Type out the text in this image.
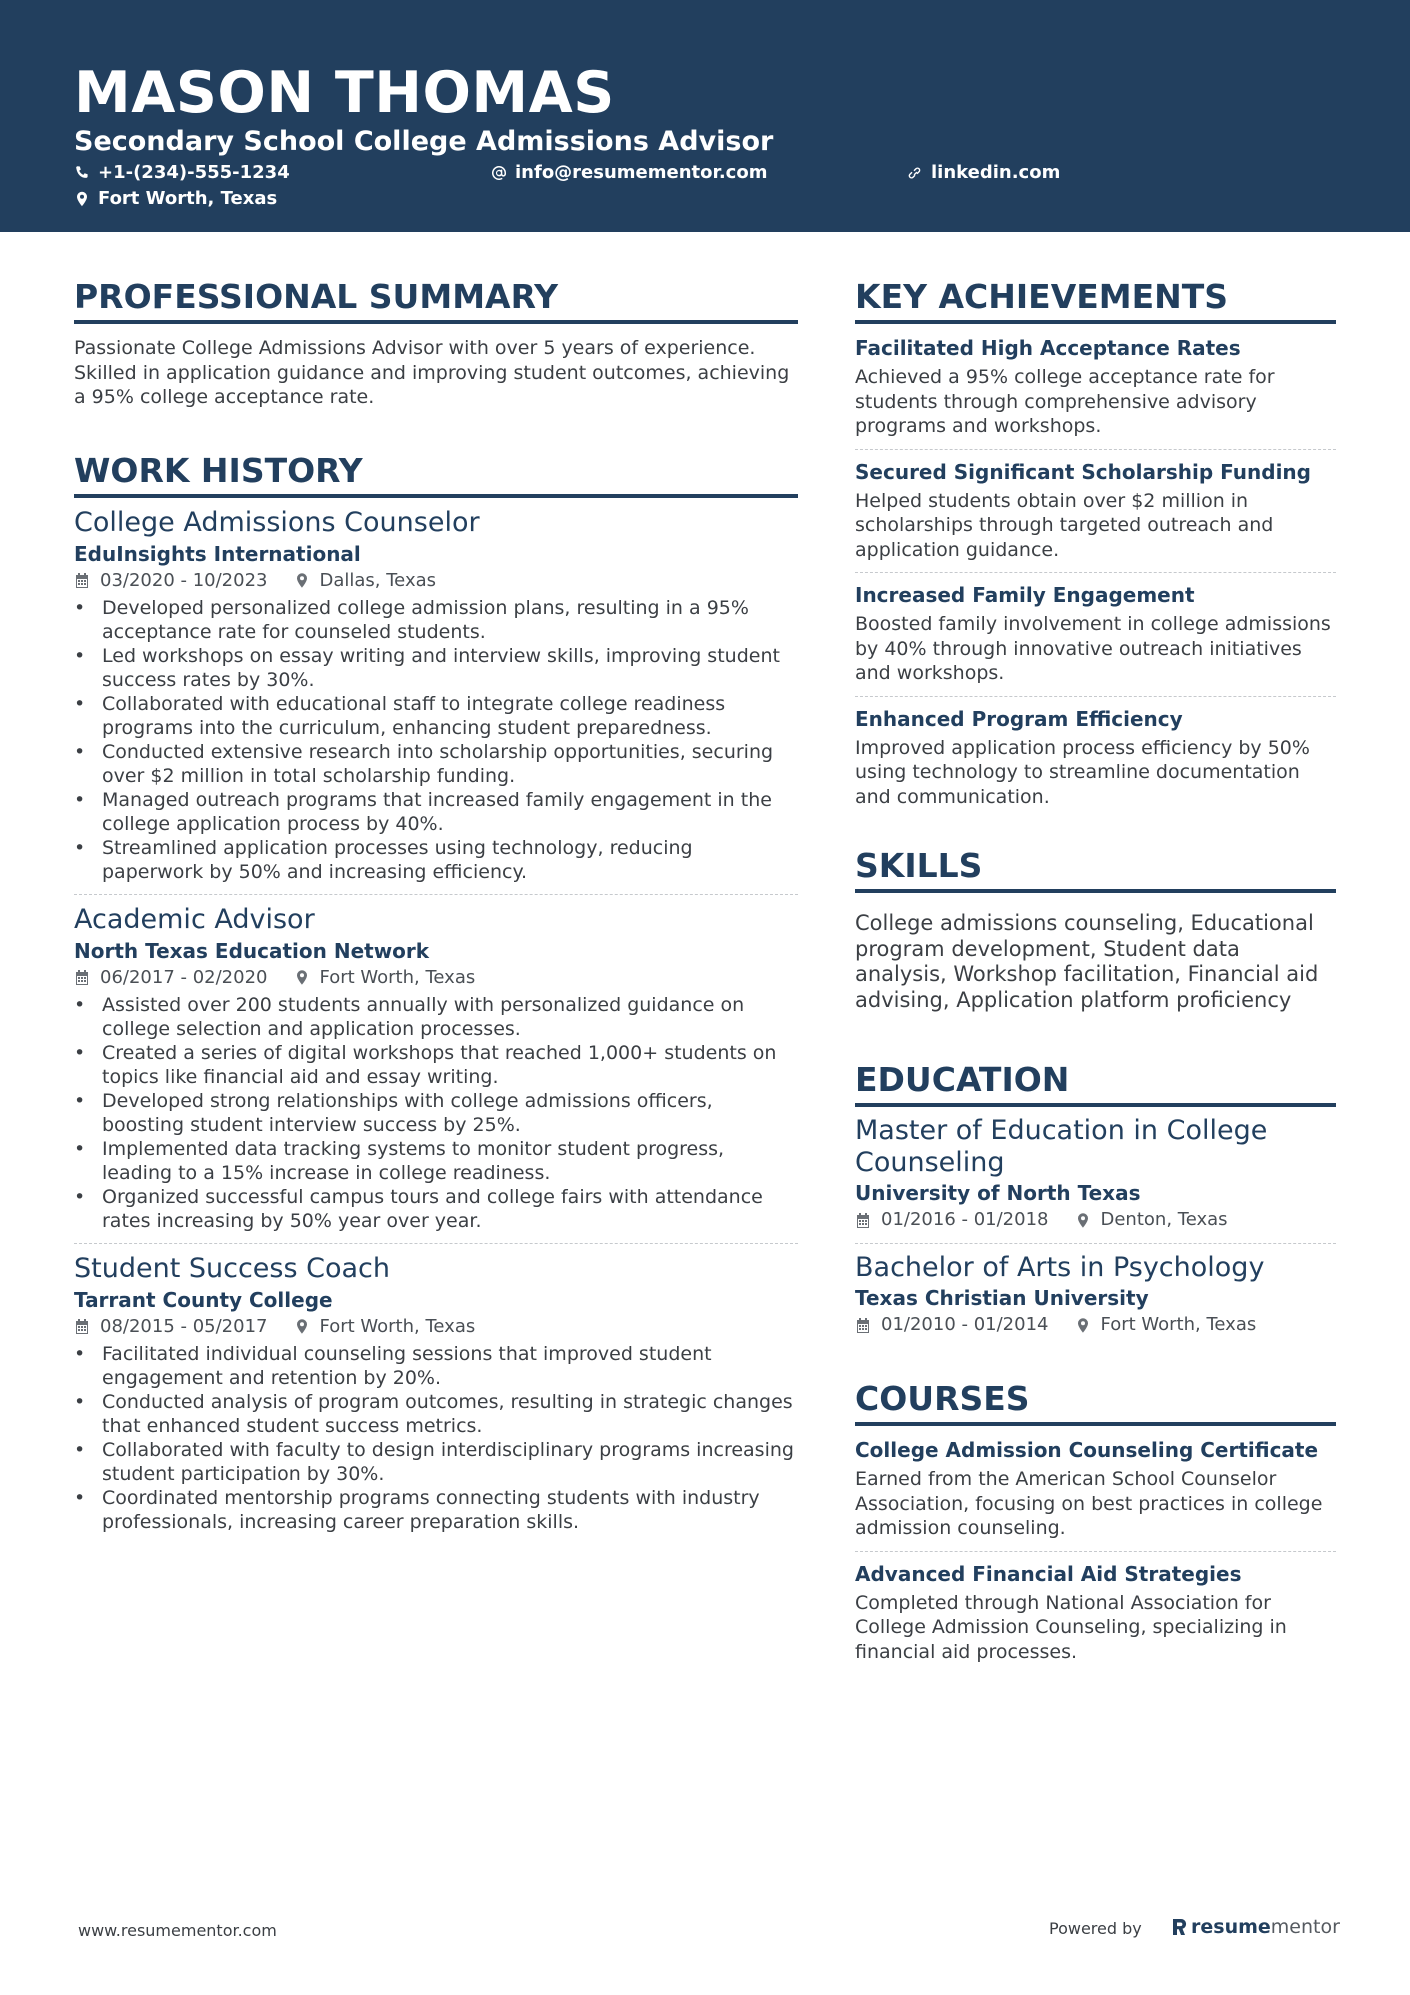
MASON THOMAS
Secondary School College Admissions Advisor
+1-(234)-555-1234	info@resumementor.com	linkedin.com
Fort Worth, Texas
PROFESSIONAL SUMMARY

Passionate College Admissions Advisor with over 5 years of experience. Skilled in application guidance and improving student outcomes, achieving a 95% college acceptance rate.

WORK HISTORY
College Admissions Counselor
EduInsights International
03/2020 - 10/2023	Dallas, Texas
• Developed personalized college admission plans, resulting in a 95% acceptance rate for counseled students.
• Led workshops on essay writing and interview skills, improving student success rates by 30%.
• Collaborated with educational staff to integrate college readiness programs into the curriculum, enhancing student preparedness.
• Conducted extensive research into scholarship opportunities, securing over $2 million in total scholarship funding.
• Managed outreach programs that increased family engagement in the college application process by 40%.
• Streamlined application processes using technology, reducing paperwork by 50% and increasing efficiency.
Academic Advisor
North Texas Education Network
06/2017 - 02/2020	Fort Worth, Texas
• Assisted over 200 students annually with personalized guidance on college selection and application processes.
• Created a series of digital workshops that reached 1,000+ students on topics like financial aid and essay writing.
• Developed strong relationships with college admissions officers, boosting student interview success by 25%.
• Implemented data tracking systems to monitor student progress, leading to a 15% increase in college readiness.
• Organized successful campus tours and college fairs with attendance rates increasing by 50% year over year.
Student Success Coach
Tarrant County College
08/2015 - 05/2017	Fort Worth, Texas
• Facilitated individual counseling sessions that improved student engagement and retention by 20%.
• Conducted analysis of program outcomes, resulting in strategic changes that enhanced student success metrics.
• Collaborated with faculty to design interdisciplinary programs increasing student participation by 30%.
• Coordinated mentorship programs connecting students with industry professionals, increasing career preparation skills.
KEY ACHIEVEMENTS
Facilitated High Acceptance Rates

Achieved a 95% college acceptance rate for students through comprehensive advisory programs and workshops.

Secured Significant Scholarship Funding

Helped students obtain over $2 million in scholarships through targeted outreach and application guidance.

Increased Family Engagement

Boosted family involvement in college admissions by 40% through innovative outreach initiatives and workshops.

Enhanced Program Efficiency

Improved application process efficiency by 50% using technology to streamline documentation and communication.

SKILLS

College admissions counseling, Educational program development, Student data analysis, Workshop facilitation, Financial aid advising, Application platform proficiency

EDUCATION
Master of Education in College Counseling
University of North Texas
01/2016 - 01/2018	Denton, Texas
Bachelor of Arts in Psychology
Texas Christian University
01/2010 - 01/2014	Fort Worth, Texas
COURSES
College Admission Counseling Certificate

Earned from the American School Counselor Association, focusing on best practices in college admission counseling.

Advanced Financial Aid Strategies

Completed through National Association for College Admission Counseling, specializing in financial aid processes.

www.resumementor.com	Powered by	resume mentor
